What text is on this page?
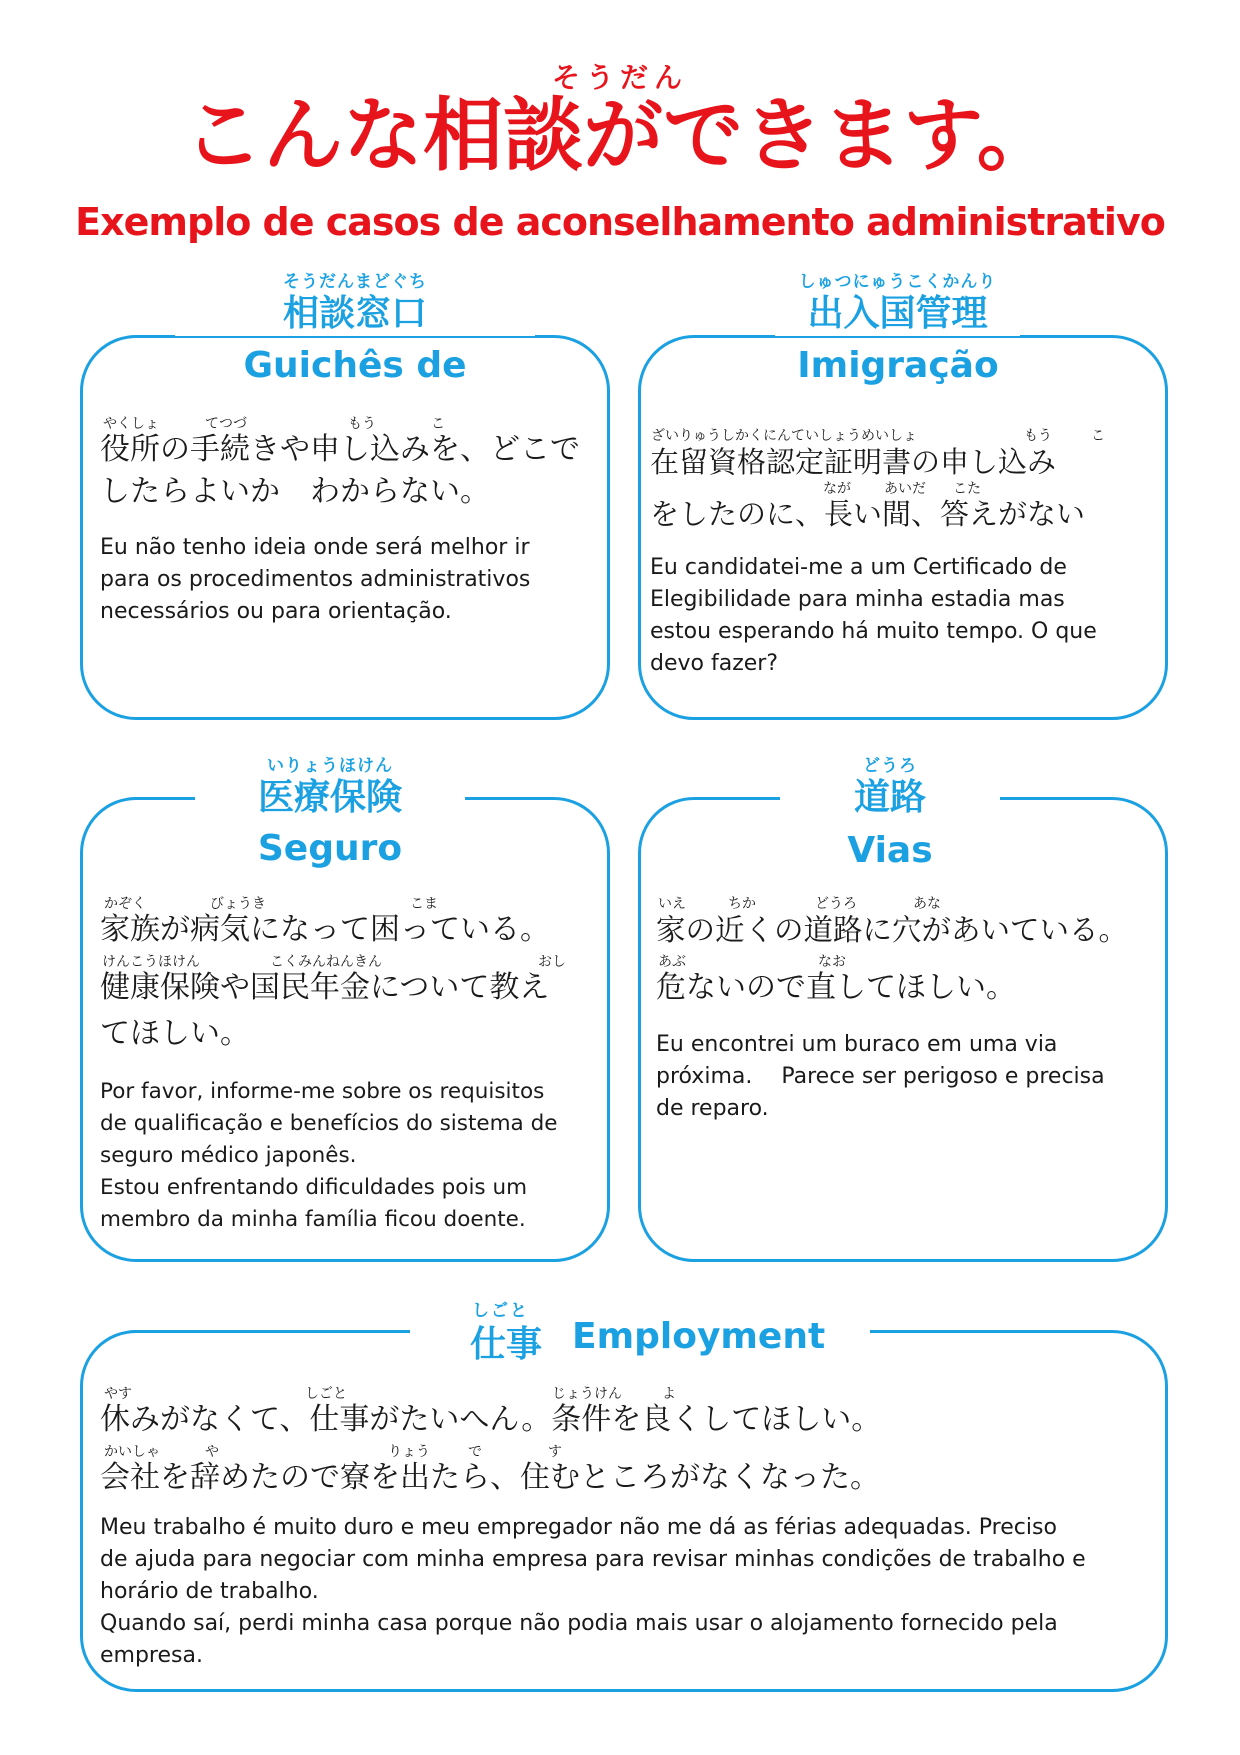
そうだん
こんな相談ができます。
Exemplo de casos de aconselhamento administrativo
そうだんまどぐち
相談窓口
Guichês de
やくしょ	てつづ	もう	こ
役所の手続きや申し込みを、どこで
したらよいか　わからない。
Eu não tenho ideia onde será melhor ir
para os procedimentos administrativos
necessários ou para orientação.
しゅつにゅうこくかんり
出入国管理
Imigração
ざいりゅうしかくにんていしょうめいしょ	もう	こ
在留資格認定証明書の申し込み
なが あいだ こた
をしたのに、長い間、答えがない
Eu candidatei-me a um Certificado de
Elegibilidade para minha estadia mas
estou esperando há muito tempo. O que
devo fazer?
いりょうほけん
医療保険
Seguro
かぞく	びょうき	こま
家族が病気になって困っている。
けんこうほけん	こくみんねんきん	おし
健康保険や国民年金について教え
てほしい。
Por favor, informe-me sobre os requisitos
de qualificação e benefícios do sistema de
seguro médico japonês.
Estou enfrentando dificuldades pois um
membro da minha família ficou doente.
どうろ
道路
Vias
いえ	ちか	どうろ	あな
家の近くの道路に穴があいている。
あぶ	なお
危ないので直してほしい。
Eu encontrei um buraco em uma via
próxima.　 Parece ser perigoso e precisa
de reparo.
しごと
仕事 Employment
やす	しごと	じょうけん	よ
休みがなくて、仕事がたいへん。条件を良くしてほしい。
かいしゃ	や	りょう	で	す
会社を辞めたので寮を出たら、住むところがなくなった。
Meu trabalho é muito duro e meu empregador não me dá as férias adequadas. Preciso
de ajuda para negociar com minha empresa para revisar minhas condições de trabalho e
horário de trabalho.
Quando saí, perdi minha casa porque não podia mais usar o alojamento fornecido pela
empresa.
